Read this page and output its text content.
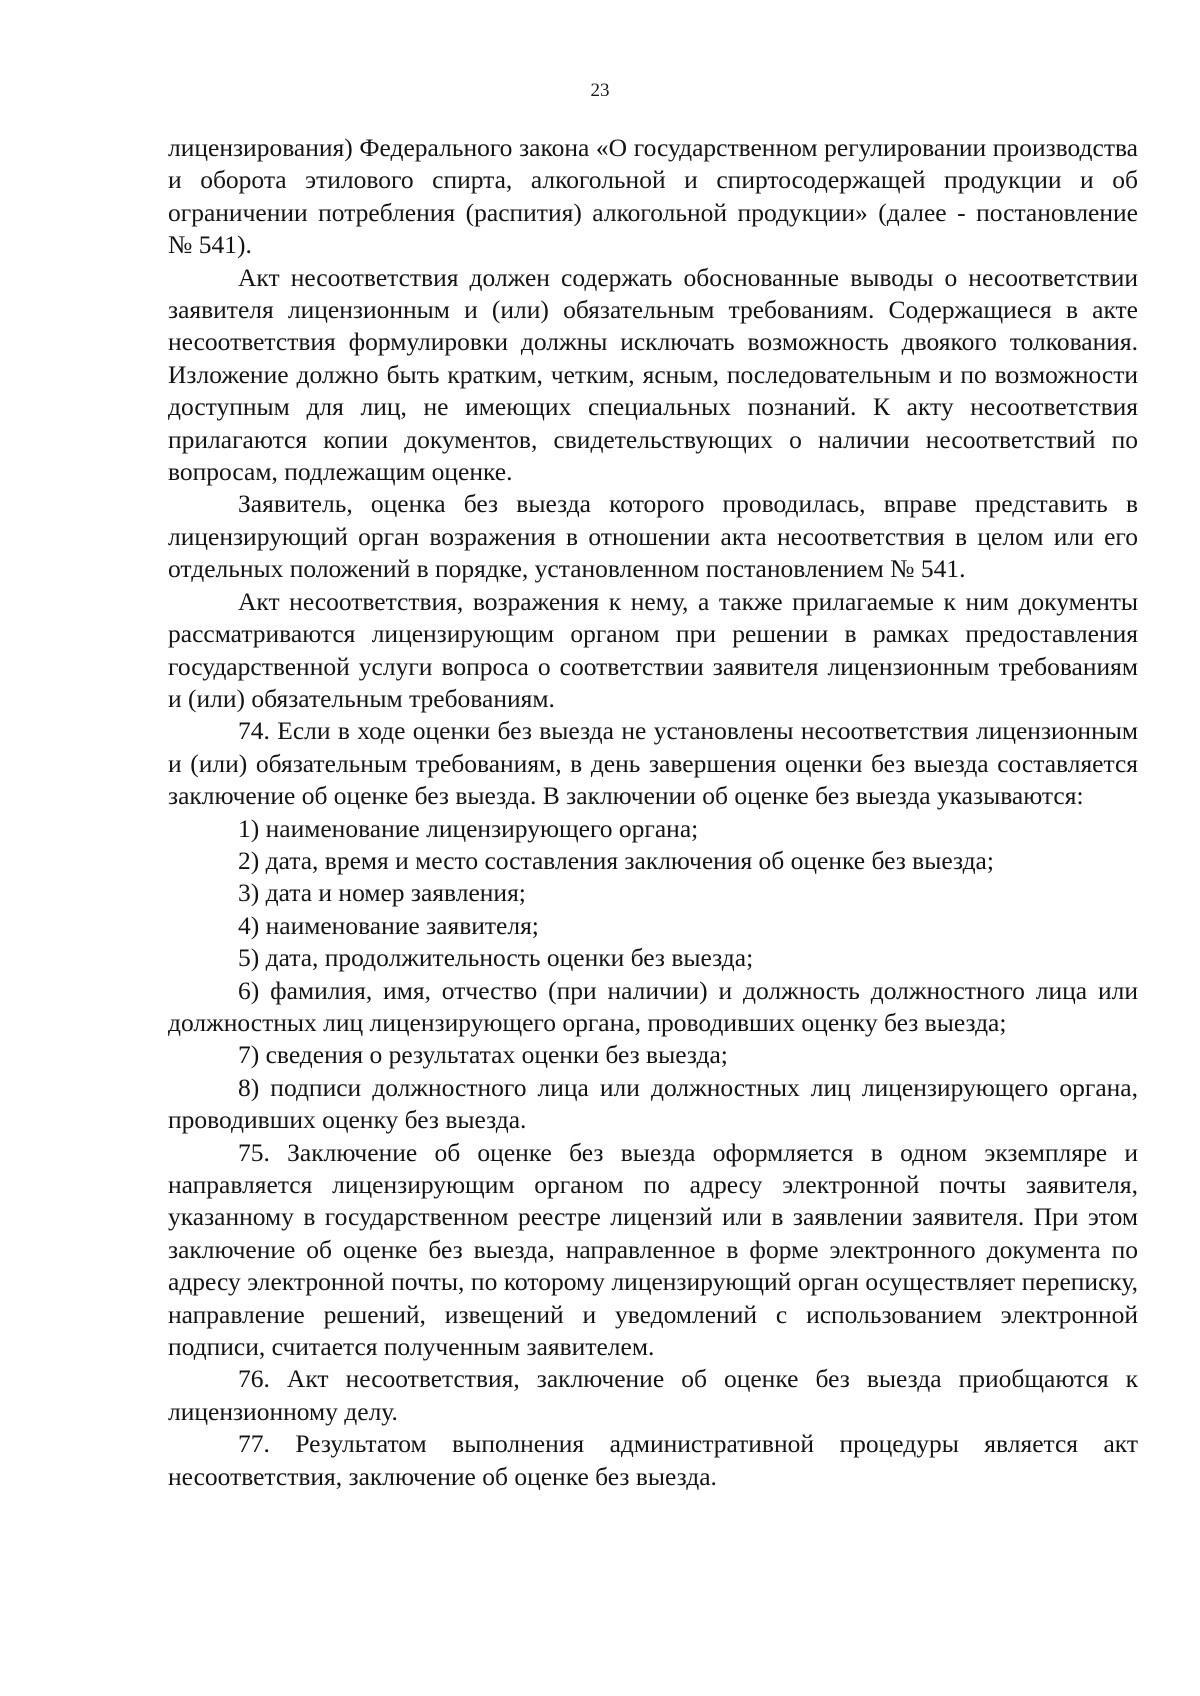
23

лицензирования) Федерального закона «О государственном регулировании производства и оборота этилового спирта, алкогольной и спиртосодержащей продукции и об ограничении потребления (распития) алкогольной продукции» (далее - постановление № 541).

Акт несоответствия должен содержать обоснованные выводы о несоответствии заявителя лицензионным и (или) обязательным требованиям. Содержащиеся в акте несоответствия формулировки должны исключать возможность двоякого толкования. Изложение должно быть кратким, четким, ясным, последовательным и по возможности доступным для лиц, не имеющих специальных познаний. К акту несоответствия прилагаются копии документов, свидетельствующих о наличии несоответствий по вопросам, подлежащим оценке.

Заявитель, оценка без выезда которого проводилась, вправе представить в лицензирующий орган возражения в отношении акта несоответствия в целом или его отдельных положений в порядке, установленном постановлением № 541.

Акт несоответствия, возражения к нему, а также прилагаемые к ним документы рассматриваются лицензирующим органом при решении в рамках предоставления государственной услуги вопроса о соответствии заявителя лицензионным требованиям и (или) обязательным требованиям.

74. Если в ходе оценки без выезда не установлены несоответствия лицензионным и (или) обязательным требованиям, в день завершения оценки без выезда составляется заключение об оценке без выезда. В заключении об оценке без выезда указываются:

1) наименование лицензирующего органа;

2) дата, время и место составления заключения об оценке без выезда;

3) дата и номер заявления;

4) наименование заявителя;

5) дата, продолжительность оценки без выезда;

6) фамилия, имя, отчество (при наличии) и должность должностного лица или должностных лиц лицензирующего органа, проводивших оценку без выезда;

7) сведения о результатах оценки без выезда;

8) подписи должностного лица или должностных лиц лицензирующего органа, проводивших оценку без выезда.

75. Заключение об оценке без выезда оформляется в одном экземпляре и направляется лицензирующим органом по адресу электронной почты заявителя, указанному в государственном реестре лицензий или в заявлении заявителя. При этом заключение об оценке без выезда, направленное в форме электронного документа по адресу электронной почты, по которому лицензирующий орган осуществляет переписку, направление решений, извещений и уведомлений с использованием электронной подписи, считается полученным заявителем.

76. Акт несоответствия, заключение об оценке без выезда приобщаются к лицензионному делу.

77. Результатом выполнения административной процедуры является акт несоответствия, заключение об оценке без выезда.
